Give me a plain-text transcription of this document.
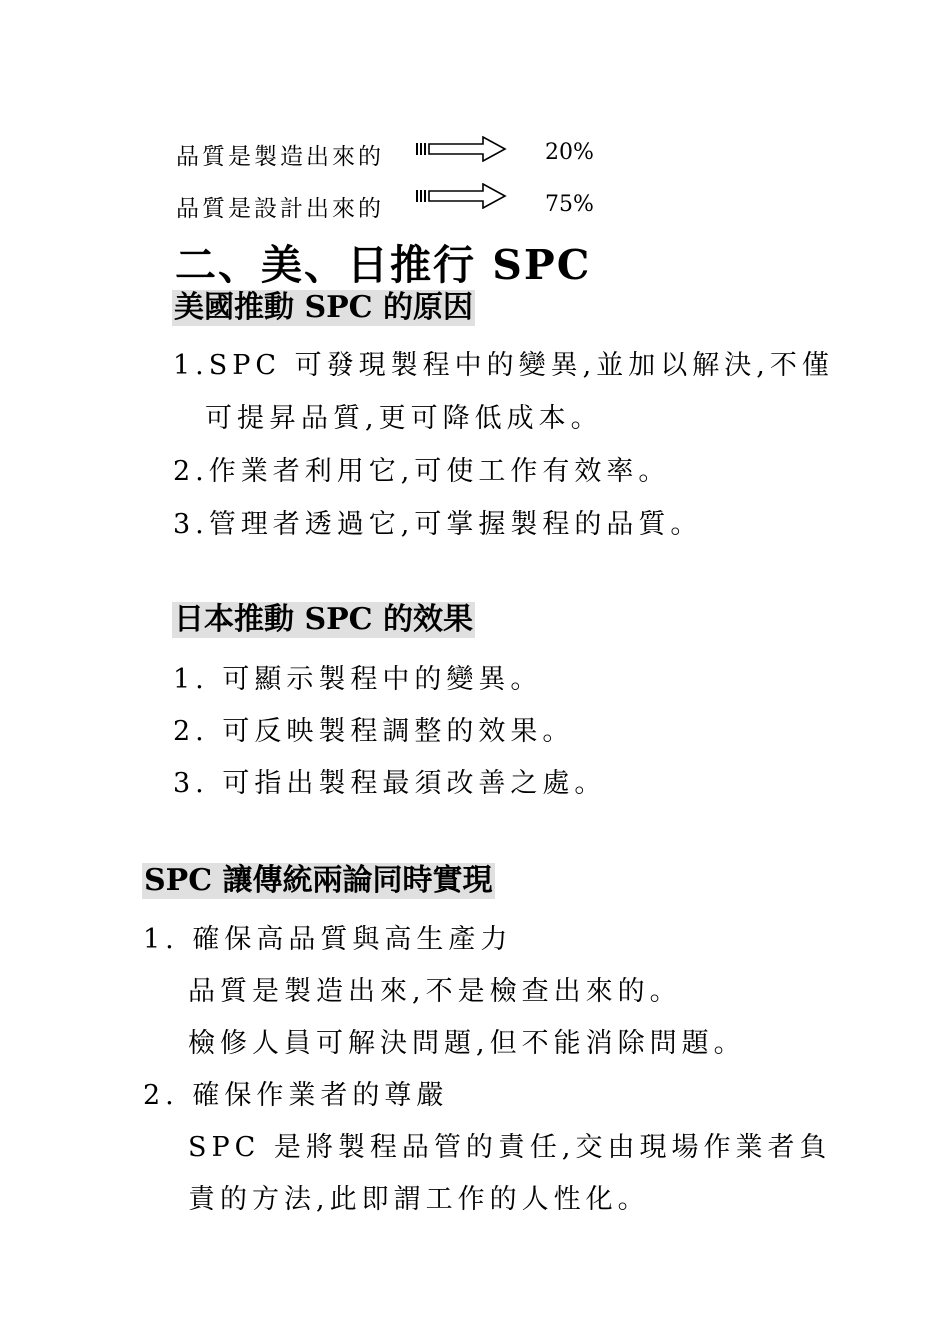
品質是製造出來的	20%
品質是設計出來的	75%
二、美、日推行 SPC
美國推動 SPC 的原因
1.SPC 可發現製程中的變異,並加以解決,不僅
可提昇品質,更可降低成本。
2.作業者利用它,可使工作有效率。
3.管理者透過它,可掌握製程的品質。
日本推動 SPC 的效果
1. 可顯示製程中的變異。
2. 可反映製程調整的效果。
3. 可指出製程最須改善之處。
SPC 讓傳統兩論同時實現
1. 確保高品質與高生產力
品質是製造出來,不是檢查出來的。
檢修人員可解決問題,但不能消除問題。
2. 確保作業者的尊嚴
SPC 是將製程品管的責任,交由現場作業者負
責的方法,此即謂工作的人性化。
